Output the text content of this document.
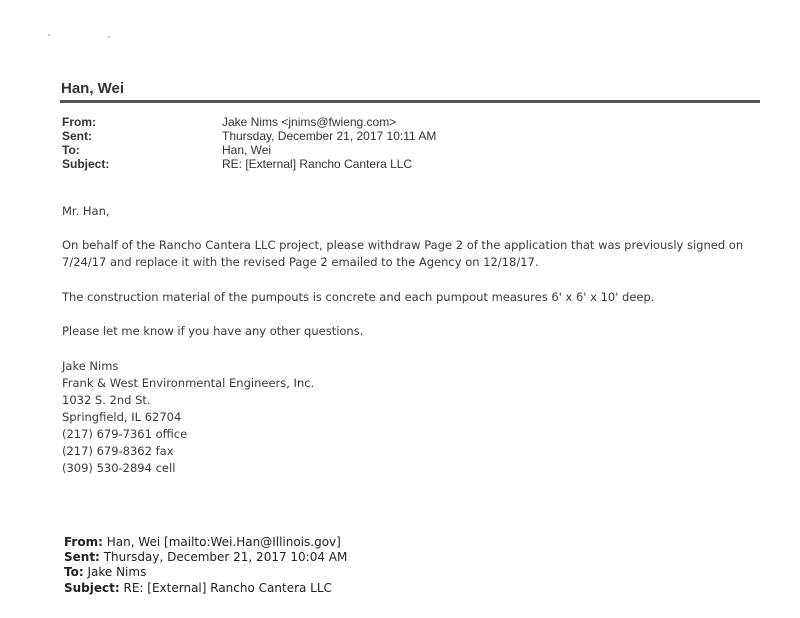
Han, Wei
From:	Jake Nims <jnims@fwieng.com>
Sent:	Thursday, December 21, 2017 10:11 AM
To:	Han, Wei
Subject:	RE: [External] Rancho Cantera LLC
Mr. Han,
On behalf of the Rancho Cantera LLC project, please withdraw Page 2 of the application that was previously signed on
7/24/17 and replace it with the revised Page 2 emailed to the Agency on 12/18/17.
The construction material of the pumpouts is concrete and each pumpout measures 6' x 6' x 10' deep.
Please let me know if you have any other questions.
Jake Nims
Frank & West Environmental Engineers, Inc.
1032 S. 2nd St.
Springfield, IL 62704
(217) 679-7361 office
(217) 679-8362 fax
(309) 530-2894 cell
From: Han, Wei [mailto:Wei.Han@Illinois.gov]
Sent: Thursday, December 21, 2017 10:04 AM
To: Jake Nims
Subject: RE: [External] Rancho Cantera LLC
